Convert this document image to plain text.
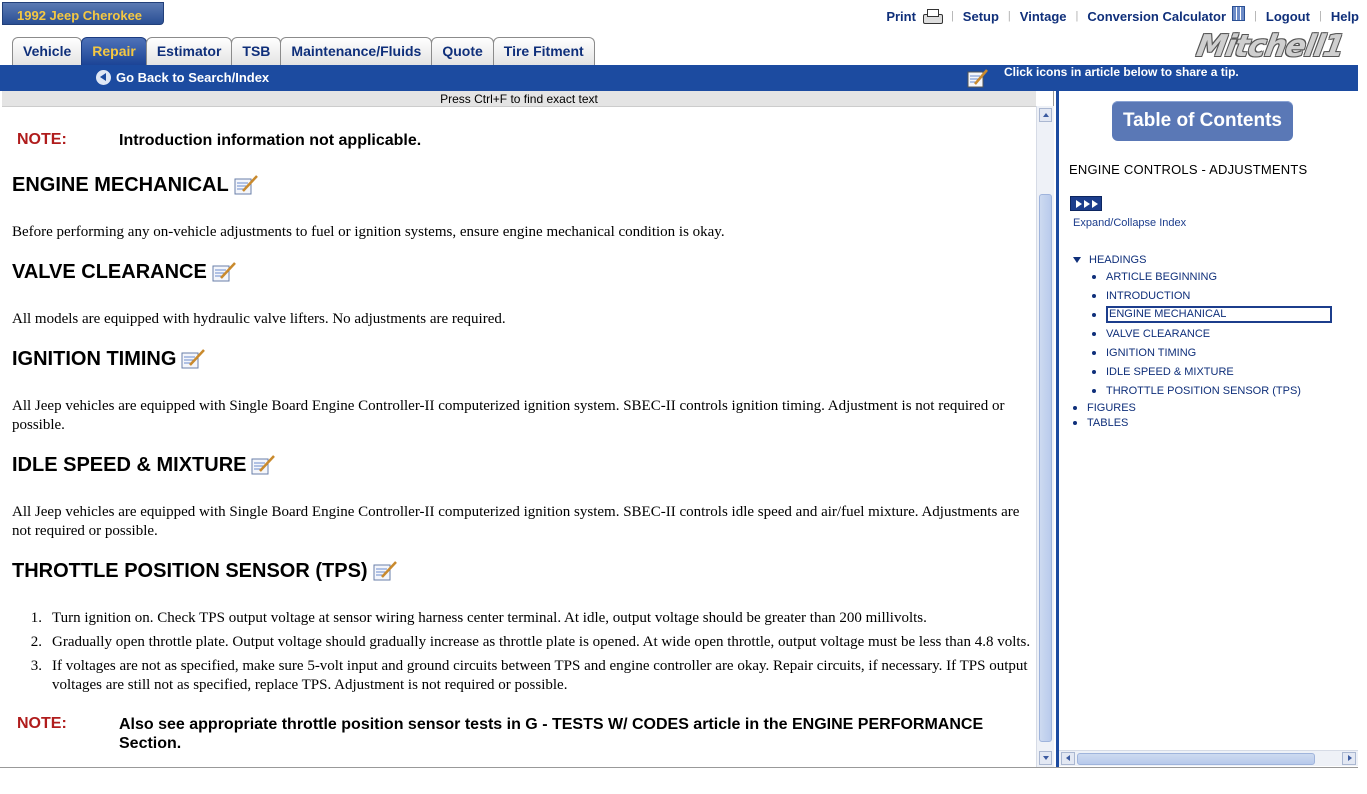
1992 Jeep Cherokee	Print	| Setup | Vintage | Conversion Calculator	| Logout | Help
Vehicle	Repair	Estimator	TSB	Maintenance/Fluids	Quote	Tire Fitment	Mitchell1
Go Back to Search/Index	Click icons in article below to share a tip.
Press Ctrl+F to find exact text
NOTE:	Introduction information not applicable.
ENGINE MECHANICAL
Before performing any on-vehicle adjustments to fuel or ignition systems, ensure engine mechanical condition is okay.
VALVE CLEARANCE
All models are equipped with hydraulic valve lifters. No adjustments are required.
IGNITION TIMING
All Jeep vehicles are equipped with Single Board Engine Controller-II computerized ignition system. SBEC-II controls ignition timing. Adjustment is not required or possible.
IDLE SPEED & MIXTURE
All Jeep vehicles are equipped with Single Board Engine Controller-II computerized ignition system. SBEC-II controls idle speed and air/fuel mixture. Adjustments are not required or possible.
THROTTLE POSITION SENSOR (TPS)
1. Turn ignition on. Check TPS output voltage at sensor wiring harness center terminal. At idle, output voltage should be greater than 200 millivolts.
2. Gradually open throttle plate. Output voltage should gradually increase as throttle plate is opened. At wide open throttle, output voltage must be less than 4.8 volts.
3. If voltages are not as specified, make sure 5-volt input and ground circuits between TPS and engine controller are okay. Repair circuits, if necessary. If TPS output voltages are still not as specified, replace TPS. Adjustment is not required or possible.
NOTE:	Also see appropriate throttle position sensor tests in G - TESTS W/ CODES article in the ENGINE PERFORMANCE Section.
Table of Contents
ENGINE CONTROLS - ADJUSTMENTS
Expand/Collapse Index
HEADINGS
ARTICLE BEGINNING
INTRODUCTION
ENGINE MECHANICAL
VALVE CLEARANCE
IGNITION TIMING
IDLE SPEED & MIXTURE
THROTTLE POSITION SENSOR (TPS)
FIGURES
TABLES
